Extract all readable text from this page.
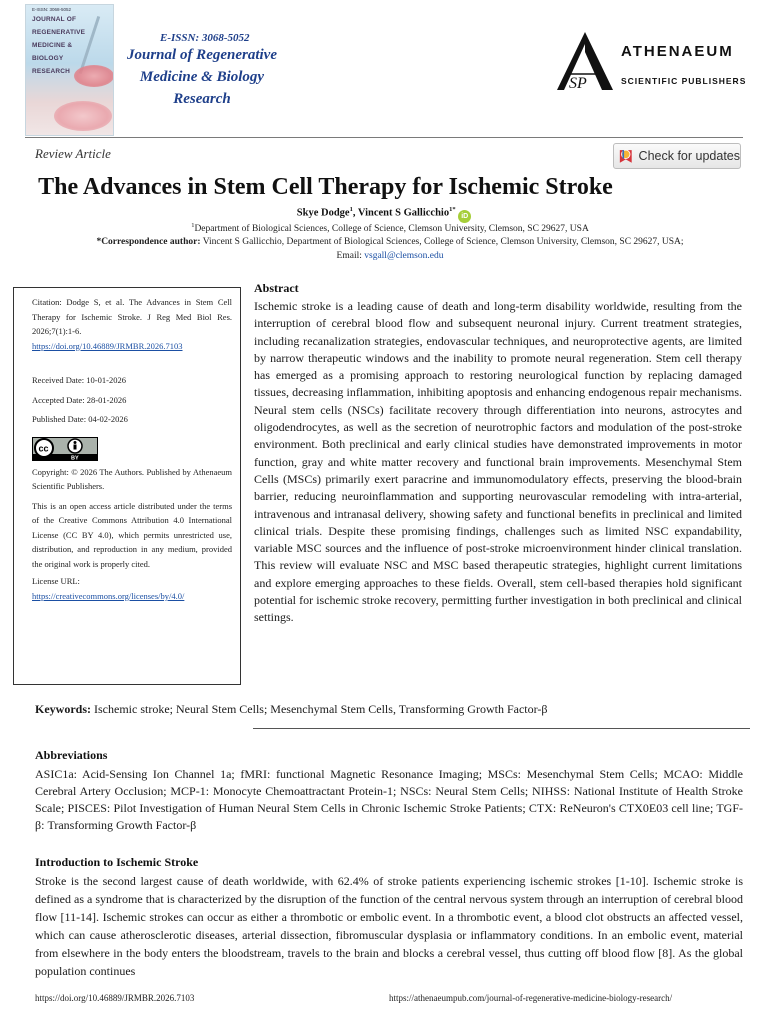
E-ISSN: 3068-5052
JOURNAL OF
REGENERATIVE
MEDICINE &
BIOLOGY
RESEARCH
E-ISSN: 3068-5052
Journal of Regenerative
Medicine & Biology
Research
SP
ATHENAEUM
SCIENTIFIC PUBLISHERS
Review Article	Check for updates
The Advances in Stem Cell Therapy for Ischemic Stroke
Skye Dodge$^1$, Vincent S Gallicchio$^{1*}$ iD
$^1$Department of Biological Sciences, College of Science, Clemson University, Clemson, SC 29627, USA
*Correspondence author: Vincent S Gallicchio, Department of Biological Sciences, College of Science, Clemson University, Clemson, SC 29627, USA;
Email: vsgall@clemson.edu

Citation: Dodge S, et al. The Advances in Stem Cell Therapy for Ischemic Stroke. J Reg Med Biol Res. 2026;7(1):1-6.

https://doi.org/10.46889/JRMBR.2026.7103

Received Date: 10-01-2026

Accepted Date: 28-01-2026

Published Date: 04-02-2026

cc
BY

Copyright: © 2026 The Authors. Published by Athenaeum Scientific Publishers.

This is an open access article distributed under the terms of the Creative Commons Attribution 4.0 International License (CC BY 4.0), which permits unrestricted use, distribution, and reproduction in any medium, provided the original work is properly cited.

License URL:

https://creativecommons.org/licenses/by/4.0/

Abstract
Ischemic stroke is a leading cause of death and long-term disability worldwide, resulting from the interruption of cerebral blood flow and subsequent neuronal injury. Current treatment strategies, including recanalization strategies, endovascular techniques, and neuroprotective agents, are limited by narrow therapeutic windows and the inability to promote neural regeneration. Stem cell therapy has emerged as a promising approach to restoring neurological function by replacing damaged tissues, decreasing inflammation, inhibiting apoptosis and enhancing endogenous repair mechanisms. Neural stem cells (NSCs) facilitate recovery through differentiation into neurons, astrocytes and oligodendrocytes, as well as the secretion of neurotrophic factors and modulation of the post-stroke environment. Both preclinical and early clinical studies have demonstrated improvements in motor function, gray and white matter recovery and functional brain improvements. Mesenchymal Stem Cells (MSCs) primarily exert paracrine and immunomodulatory effects, preserving the blood-brain barrier, reducing neuroinflammation and supporting neurovascular remodeling with intra-arterial, intravenous and intranasal delivery, showing safety and functional benefits in preclinical and limited clinical trials. Despite these promising findings, challenges such as limited NSC expandability, variable MSC sources and the influence of post-stroke microenvironment hinder clinical translation. This review will evaluate NSC and MSC based therapeutic strategies, highlight current limitations and explore emerging approaches to these fields. Overall, stem cell-based therapies hold significant potential for ischemic stroke recovery, permitting further investigation in both preclinical and clinical settings.
Keywords: Ischemic stroke; Neural Stem Cells; Mesenchymal Stem Cells, Transforming Growth Factor-β
Abbreviations
ASIC1a: Acid-Sensing Ion Channel 1a; fMRI: functional Magnetic Resonance Imaging; MSCs: Mesenchymal Stem Cells; MCAO: Middle Cerebral Artery Occlusion; MCP-1: Monocyte Chemoattractant Protein-1; NSCs: Neural Stem Cells; NIHSS: National Institute of Health Stroke Scale; PISCES: Pilot Investigation of Human Neural Stem Cells in Chronic Ischemic Stroke Patients; CTX: ReNeuron's CTX0E03 cell line; TGF-β: Transforming Growth Factor-β
Introduction to Ischemic Stroke
Stroke is the second largest cause of death worldwide, with 62.4% of stroke patients experiencing ischemic strokes [1-10]. Ischemic stroke is defined as a syndrome that is characterized by the disruption of the function of the central nervous system through an interruption of cerebral blood flow [11-14]. Ischemic strokes can occur as either a thrombotic or embolic event. In a thrombotic event, a blood clot obstructs an affected vessel, which can cause atherosclerotic diseases, arterial dissection, fibromuscular dysplasia or inflammatory conditions. In an embolic event, material from elsewhere in the body enters the bloodstream, travels to the brain and blocks a cerebral vessel, thus cutting off blood flow [8]. As the global population continues
https://doi.org/10.46889/JRMBR.2026.7103	https://athenaeumpub.com/journal-of-regenerative-medicine-biology-research/
